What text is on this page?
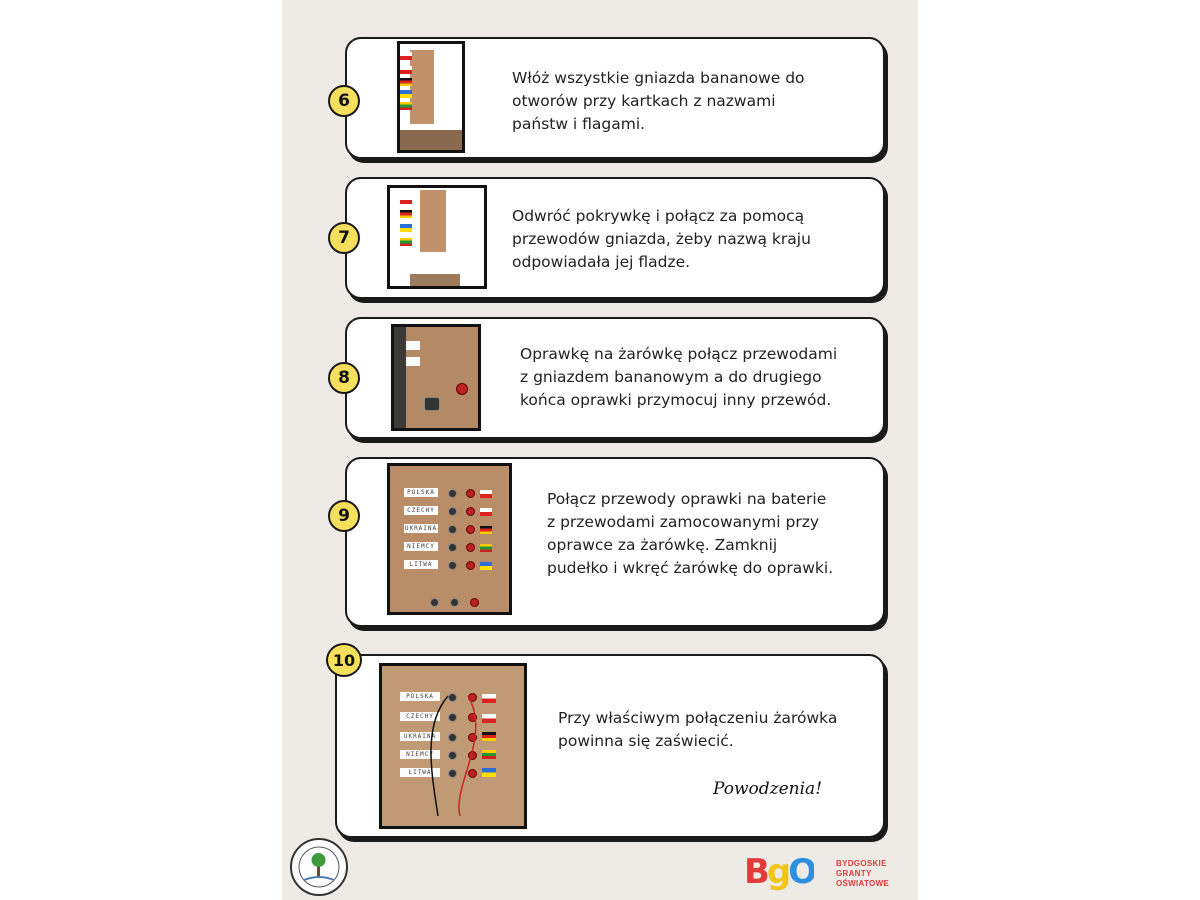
6
Włóż wszystkie gniazda bananowe do
otworów przy kartkach z nazwami
państw i flagami.
7
Odwróć pokrywkę i połącz za pomocą
przewodów gniazda, żeby nazwą kraju
odpowiadała jej fladze.
8
Oprawkę na żarówkę połącz przewodami
z gniazdem bananowym a do drugiego
końca oprawki przymocuj inny przewód.
9
POLSKA
CZECHY
UKRAINA
NIEMCY
LITWA
Połącz przewody oprawki na baterie
z przewodami zamocowanymi przy
oprawce za żarówkę. Zamknij
pudełko i wkręć żarówkę do oprawki.
10
POLSKA
CZECHY
UKRAINA
NIEMCY
LITWA
Przy właściwym połączeniu żarówka
powinna się zaświecić.
Powodzenia!
BgO	BYDGOSKIE
GRANTY
OŚWIATOWE
